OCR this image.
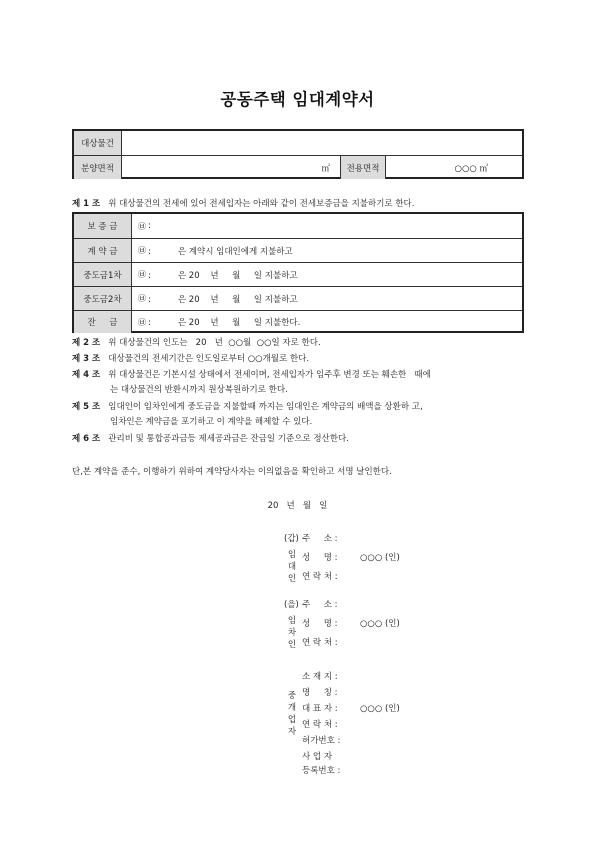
공동주택 임대계약서
대상물건
분양면적	㎡	전용면적	○○○ ㎡
제 1 조 위 대상물건의 전세에 있어 전세입자는 아래와 같이 전세보증금을 지불하기로 한다.
보 증 금	㉥ :
계 약 금	㉥ :          은 계약시 임대인에게 지불하고
중도금1차	㉥ :          은 20    년     월     일 지불하고
중도금2차	㉥ :          은 20    년     월     일 지불하고
잔     금	㉥ :          은 20    년     월     일 지불한다.
제 2 조 위 대상물건의 인도는   20   년  ○○월  ○○일 자로 한다.
제 3 조 대상물건의 전세기간은 인도일로부터 ○○개월로 한다.
제 4 조 위 대상물건은 기본시설 상태에서 전세이며, 전세입자가 임주후 변경 또는 훼손한   때에
는 대상물건의 반환시까지 원상복원하기로 한다.
제 5 조 임대인이 임차인에게 중도금을 지불할때 까지는 임대인은 계약금의 배액을 상환하 고,
임차인은 계약금을 포기하고 이 계약을 해제할 수 있다.
제 6 조 관리비 및 통합공과금등 제세공과금은 잔금일 기준으로 정산한다.
단,본 계약을 준수, 이행하기 위하여 계약당사자는 이의없음을 확인하고 서명 날인한다.
20   년   월   일
(갑)
임
대
인
주     소 :
성     명 :	○○○ (인)
연 락 처 :
(을)
임
차
인
주     소 :
성     명 :	○○○ (인)
연 락 처 :
중
개
업
자
소 재 지 :
명     칭 :
대 표 자 :	○○○ (인)
연 락 처 :
허가번호 :
사 업 자
등록번호 :
